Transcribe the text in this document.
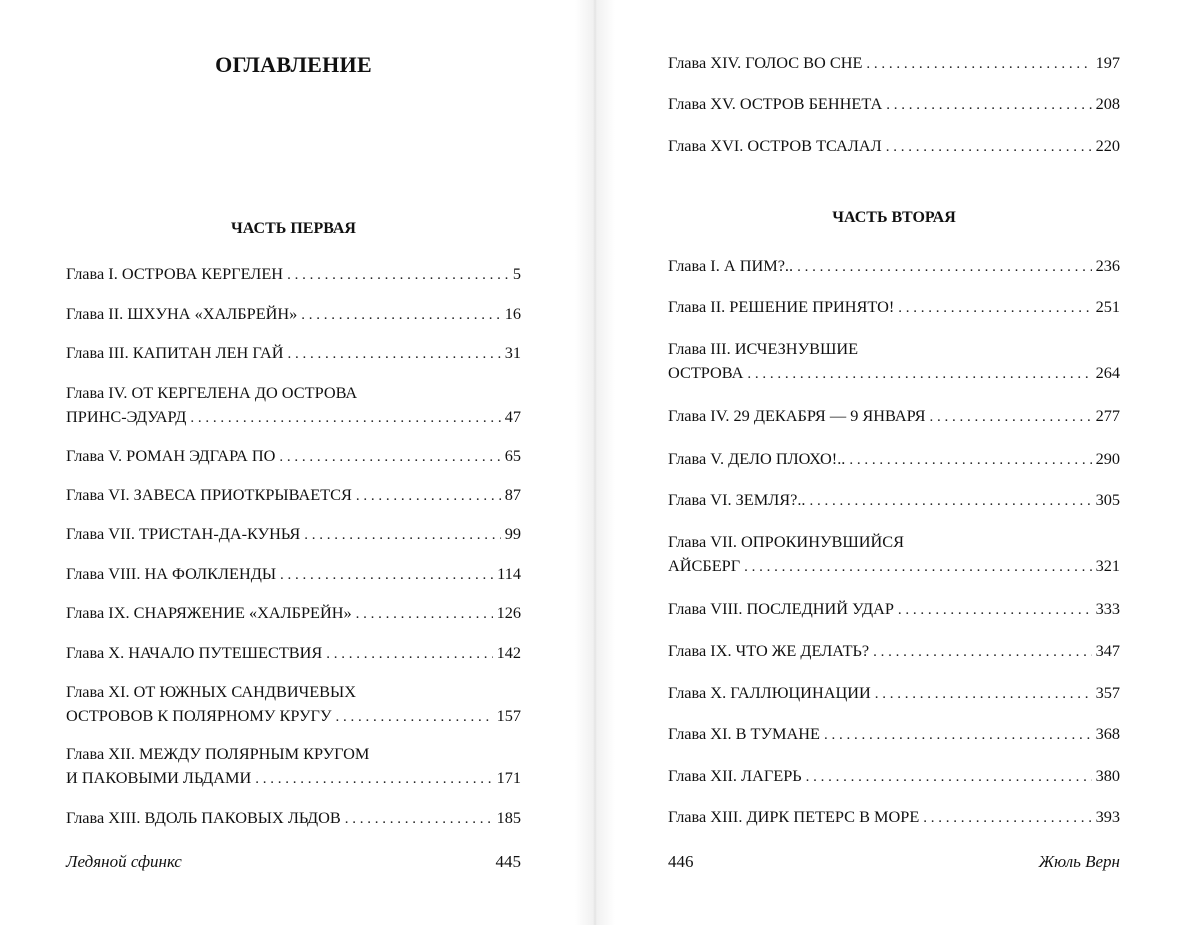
ОГЛАВЛЕНИЕ
ЧАСТЬ ПЕРВАЯ
Глава I. ОСТРОВА КЕРГЕЛЕН . . .	5
Глава II. ШХУНА «ХАЛБРЕЙН» . . .	16
Глава III. КАПИТАН ЛЕН ГАЙ . . .	31
Глава IV. ОТ КЕРГЕЛЕНА ДО ОСТРОВА
ПРИНС-ЭДУАРД . . .	47
Глава V. РОМАН ЭДГАРА ПО . . .	65
Глава VI. ЗАВЕСА ПРИОТКРЫВАЕТСЯ . . .	87
Глава VII. ТРИСТАН-ДА-КУНЬЯ . . .	99
Глава VIII. НА ФОЛКЛЕНДЫ . . .	114
Глава IX. СНАРЯЖЕНИЕ «ХАЛБРЕЙН» . . .	126
Глава X. НАЧАЛО ПУТЕШЕСТВИЯ . . .	142
Глава XI. ОТ ЮЖНЫХ САНДВИЧЕВЫХ
ОСТРОВОВ К ПОЛЯРНОМУ КРУГУ . . .	157
Глава XII. МЕЖДУ ПОЛЯРНЫМ КРУГОМ
И ПАКОВЫМИ ЛЬДАМИ . . .	171
Глава XIII. ВДОЛЬ ПАКОВЫХ ЛЬДОВ . . .	185
Ледяной сфинкс	445
Глава XIV. ГОЛОС ВО СНЕ . . .	197
Глава XV. ОСТРОВ БЕННЕТА . . .	208
Глава XVI. ОСТРОВ ТСАЛАЛ . . .	220
ЧАСТЬ ВТОРАЯ
Глава I. А ПИМ?.. . . .	236
Глава II. РЕШЕНИЕ ПРИНЯТО! . . .	251
Глава III. ИСЧЕЗНУВШИЕ
ОСТРОВА . . .	264
Глава IV. 29 ДЕКАБРЯ — 9 ЯНВАРЯ . . .	277
Глава V. ДЕЛО ПЛОХО!.. . . .	290
Глава VI. ЗЕМЛЯ?.. . . .	305
Глава VII. ОПРОКИНУВШИЙСЯ
АЙСБЕРГ . . .	321
Глава VIII. ПОСЛЕДНИЙ УДАР . . .	333
Глава IX. ЧТО ЖЕ ДЕЛАТЬ? . . .	347
Глава X. ГАЛЛЮЦИНАЦИИ . . .	357
Глава XI. В ТУМАНЕ . . .	368
Глава XII. ЛАГЕРЬ . . .	380
Глава XIII. ДИРК ПЕТЕРС В МОРЕ . . .	393
446	Жюль Верн
